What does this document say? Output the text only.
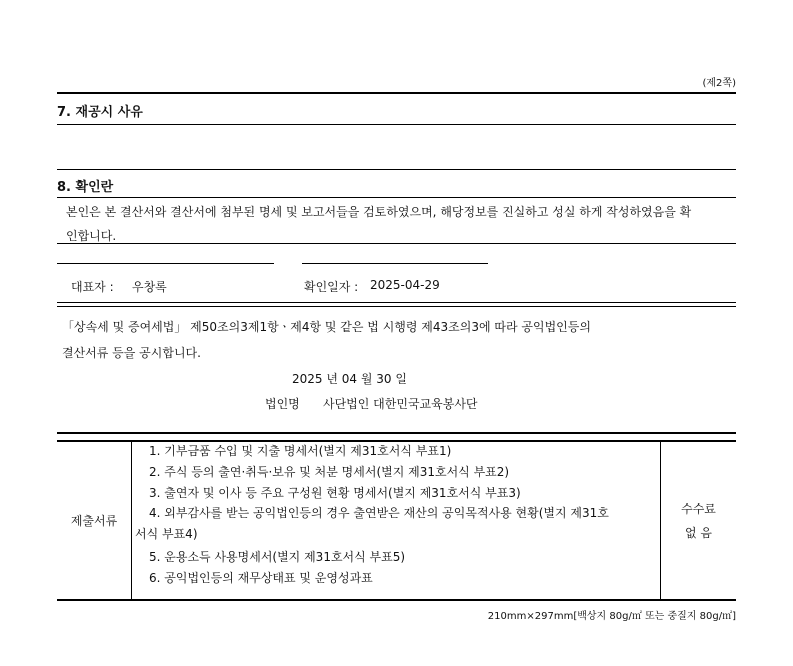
(제2쪽)
7. 재공시 사유
8. 확인란
본인은 본 결산서와 결산서에 첨부된 명세 및 보고서들을 검토하였으며, 해당정보를 진실하고 성실 하게 작성하였음을 확
인합니다.
대표자 : 우창록	확인일자 : 2025-04-29
「상속세 및 증여세법」 제50조의3제1항ㆍ제4항 및 같은 법 시행령 제43조의3에 따라 공익법인등의
결산서류 등을 공시합니다.
2025 년 04 월 30 일
법인명 사단법인 대한민국교육봉사단
제출서류
1. 기부금품 수입 및 지출 명세서(별지 제31호서식 부표1)
2. 주식 등의 출연·취득·보유 및 처분 명세서(별지 제31호서식 부표2)
3. 출연자 및 이사 등 주요 구성원 현황 명세서(별지 제31호서식 부표3)
4. 외부감사를 받는 공익법인등의 경우 출연받은 재산의 공익목적사용 현황(별지 제31호
서식 부표4)
5. 운용소득 사용명세서(별지 제31호서식 부표5)
6. 공익법인등의 재무상태표 및 운영성과표
수수료
없 음
210mm×297mm[백상지 80g/㎡ 또는 중질지 80g/㎡]
